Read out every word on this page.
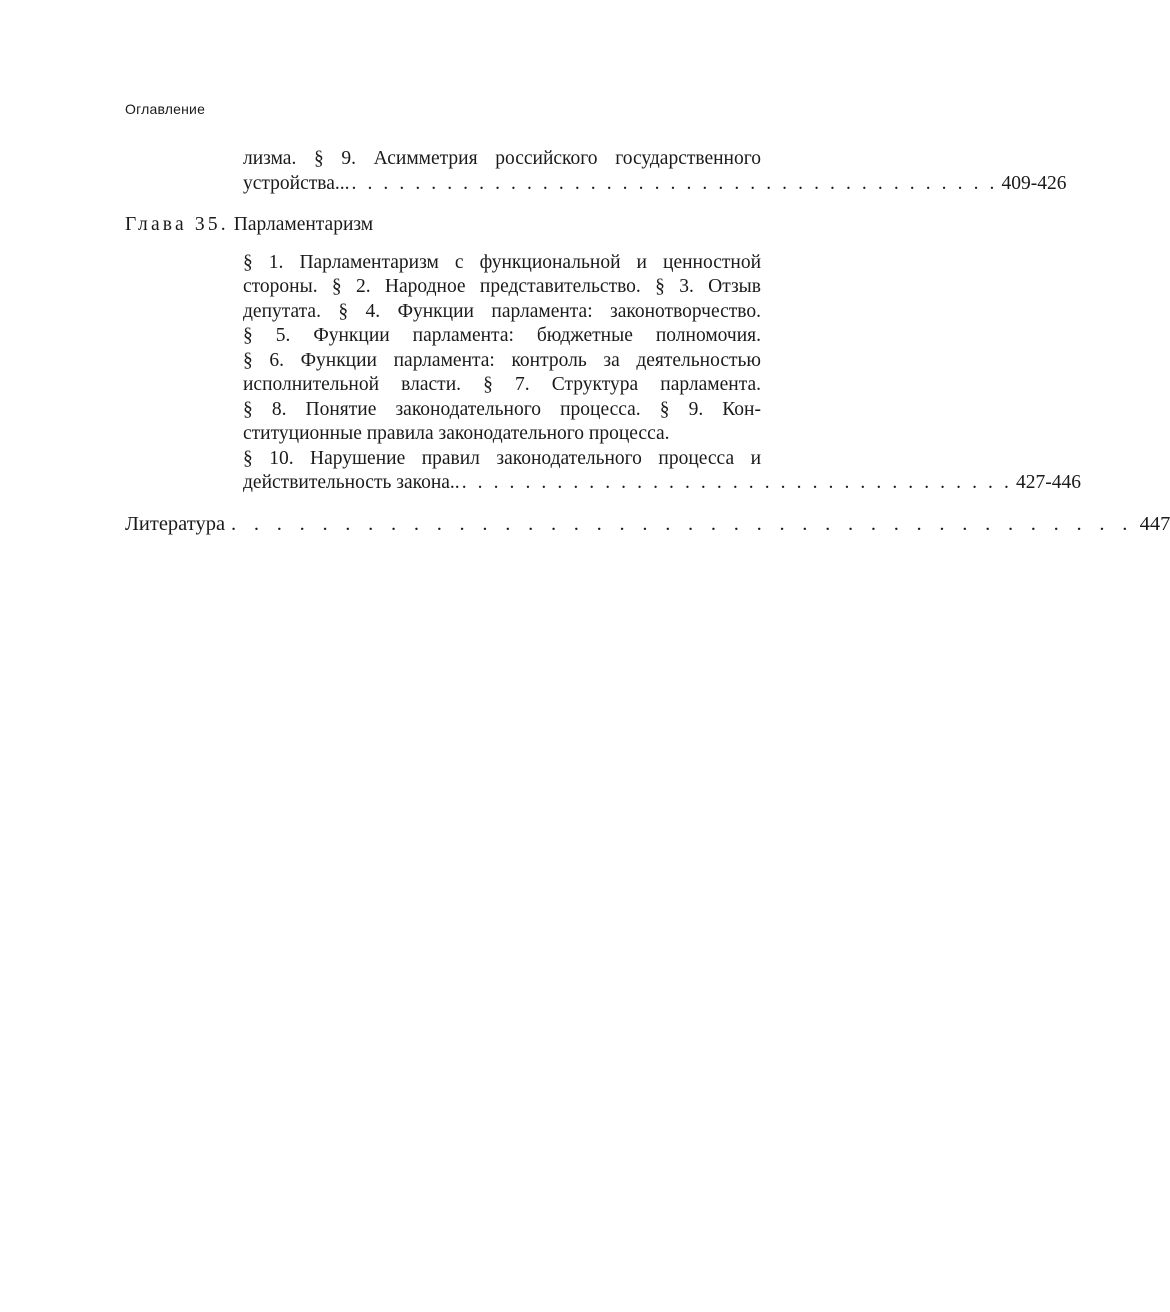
Оглавление
лизма. § 9. Асимметрия российского государственного
устройства... . . . . . . . . . . . . . . . . . . . . . . . . . . . . . . . . . . . . . . . . . 409-426
Глава 35. Парламентаризм
§ 1. Парламентаризм с функциональной и ценностной
стороны. § 2. Народное представительство. § 3. Отзыв
депутата. § 4. Функции парламента: законотворчество.
§ 5. Функции парламента: бюджетные полномочия.
§ 6. Функции парламента: контроль за деятельностью
исполнительной власти. § 7. Структура парламента.
§ 8. Понятие законодательного процесса. § 9. Кон-
ституционные правила законодательного процесса.
§ 10. Нарушение правил законодательного процесса и
действительность закона.. . . . . . . . . . . . . . . . . . . . . . . . . . . . . . . . . . . . 427-446
Литература . . . . . . . . . . . . . . . . . . . . . . . . . . . . . . . . . . . . . . . . 447
